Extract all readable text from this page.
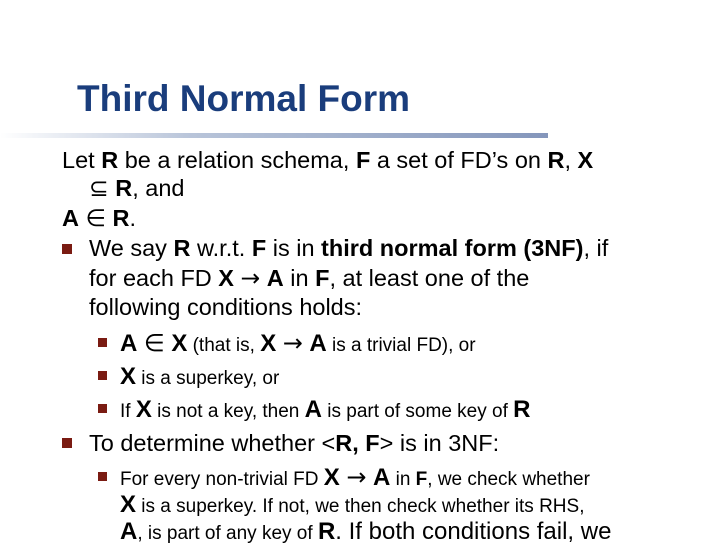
Third Normal Form
Let R be a relation schema, F a set of FD’s on R, X
⊆ R, and
A ∈ R.
We say R w.r.t. F is in third normal form (3NF), if
for each FD X → A in F, at least one of the
following conditions holds:
A ∈ X (that is, X → A is a trivial FD), or
X is a superkey, or
If X is not a key, then A is part of some key of R
To determine whether <R, F> is in 3NF:
For every non-trivial FD X → A in F, we check whether
X is a superkey. If not, we then check whether its RHS,
A, is part of any key of R. If both conditions fail, we
